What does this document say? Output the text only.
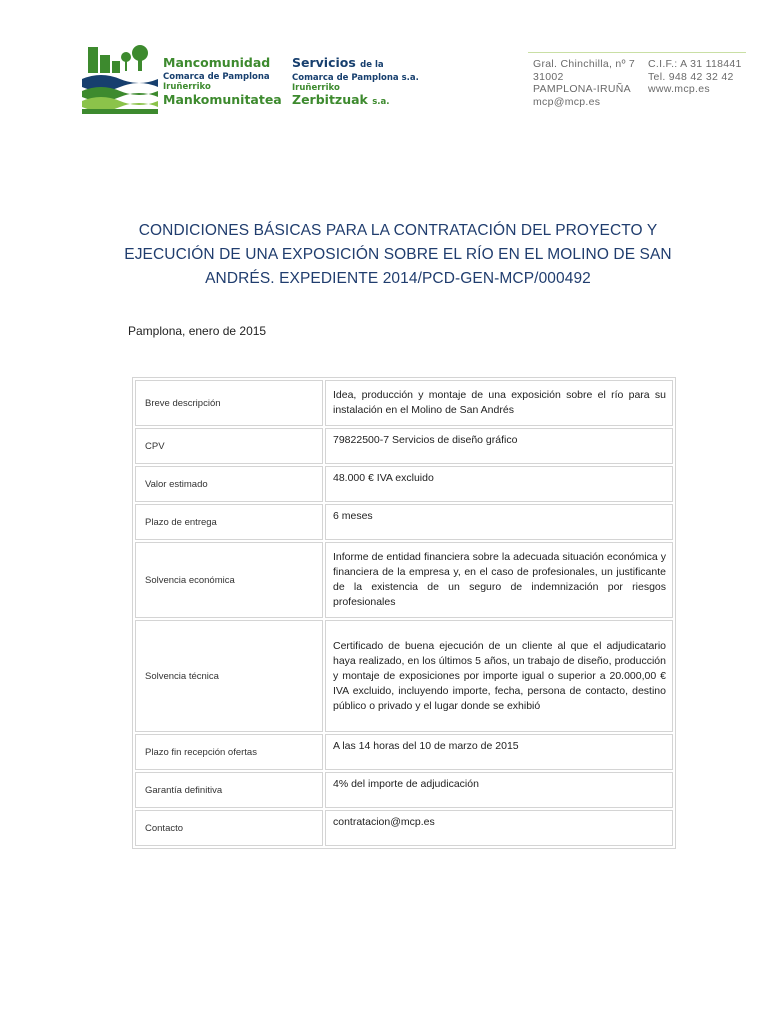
Mancomunidad
Comarca de Pamplona
Iruñerriko
Mankomunitatea
Servicios de la
Comarca de Pamplona s.a.
Iruñerriko
Zerbitzuak s.a.
Gral. Chinchilla, nº 7
31002
PAMPLONA-IRUÑA
mcp@mcp.es
C.I.F.: A 31 118441
Tel. 948 42 32 42
www.mcp.es
CONDICIONES BÁSICAS PARA LA CONTRATACIÓN DEL PROYECTO Y EJECUCIÓN DE UNA EXPOSICIÓN SOBRE EL RÍO EN EL MOLINO DE SAN ANDRÉS. EXPEDIENTE 2014/PCD-GEN-MCP/000492
Pamplona, enero de 2015
Breve descripción	Idea, producción y montaje de una exposición sobre el río para su instalación en el Molino de San Andrés
CPV	79822500-7 Servicios de diseño gráfico
Valor estimado	48.000 € IVA excluido
Plazo de entrega	6 meses
Solvencia económica	Informe de entidad financiera sobre la adecuada situación económica y financiera de la empresa y, en el caso de profesionales, un justificante de la existencia de un seguro de indemnización por riesgos profesionales
Solvencia técnica	Certificado de buena ejecución de un cliente al que el adjudicatario haya realizado, en los últimos 5 años, un trabajo de diseño, producción y montaje de exposiciones por importe igual o superior a 20.000,00 € IVA excluido, incluyendo importe, fecha, persona de contacto, destino público o privado y el lugar donde se exhibió
Plazo fin recepción ofertas	A las 14 horas del 10 de marzo de 2015
Garantía definitiva	4% del importe de adjudicación
Contacto	contratacion@mcp.es
